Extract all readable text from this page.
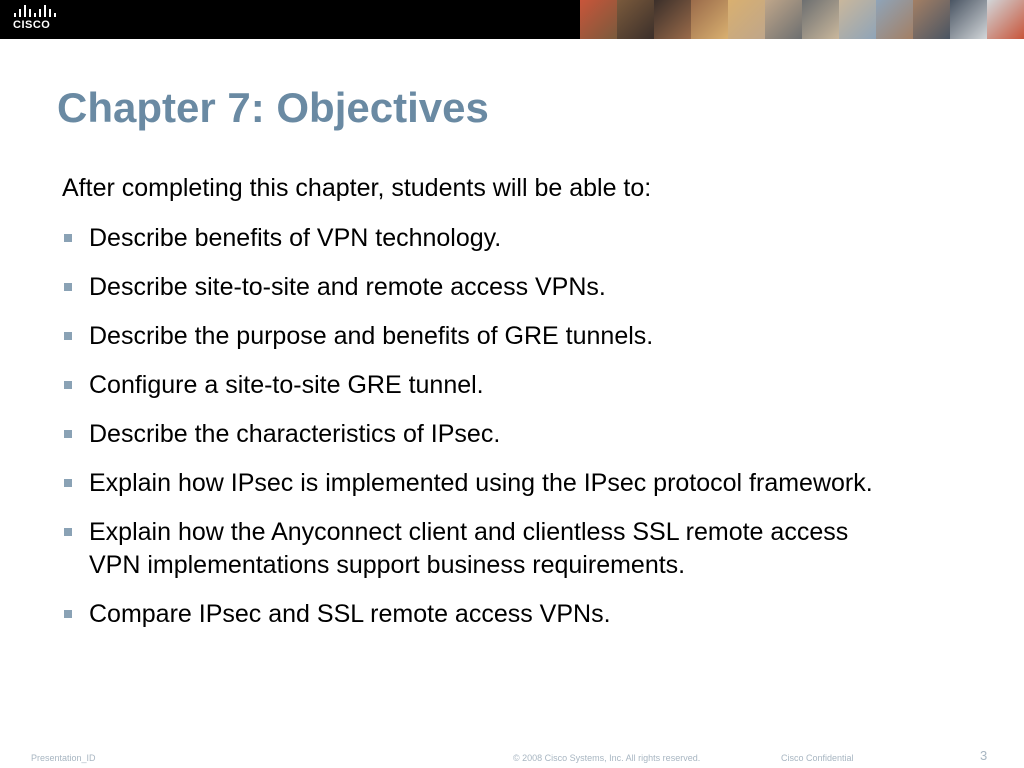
CISCO
Chapter 7: Objectives
After completing this chapter, students will be able to:
Describe benefits of VPN technology.
Describe site-to-site and remote access VPNs.
Describe the purpose and benefits of GRE tunnels.
Configure a site-to-site GRE tunnel.
Describe the characteristics of IPsec.
Explain how IPsec is implemented using the IPsec protocol framework.
Explain how the Anyconnect client and clientless SSL remote access VPN implementations support business requirements.
Compare IPsec and SSL remote access VPNs.
Presentation_ID	© 2008 Cisco Systems, Inc. All rights reserved.	Cisco Confidential	3
